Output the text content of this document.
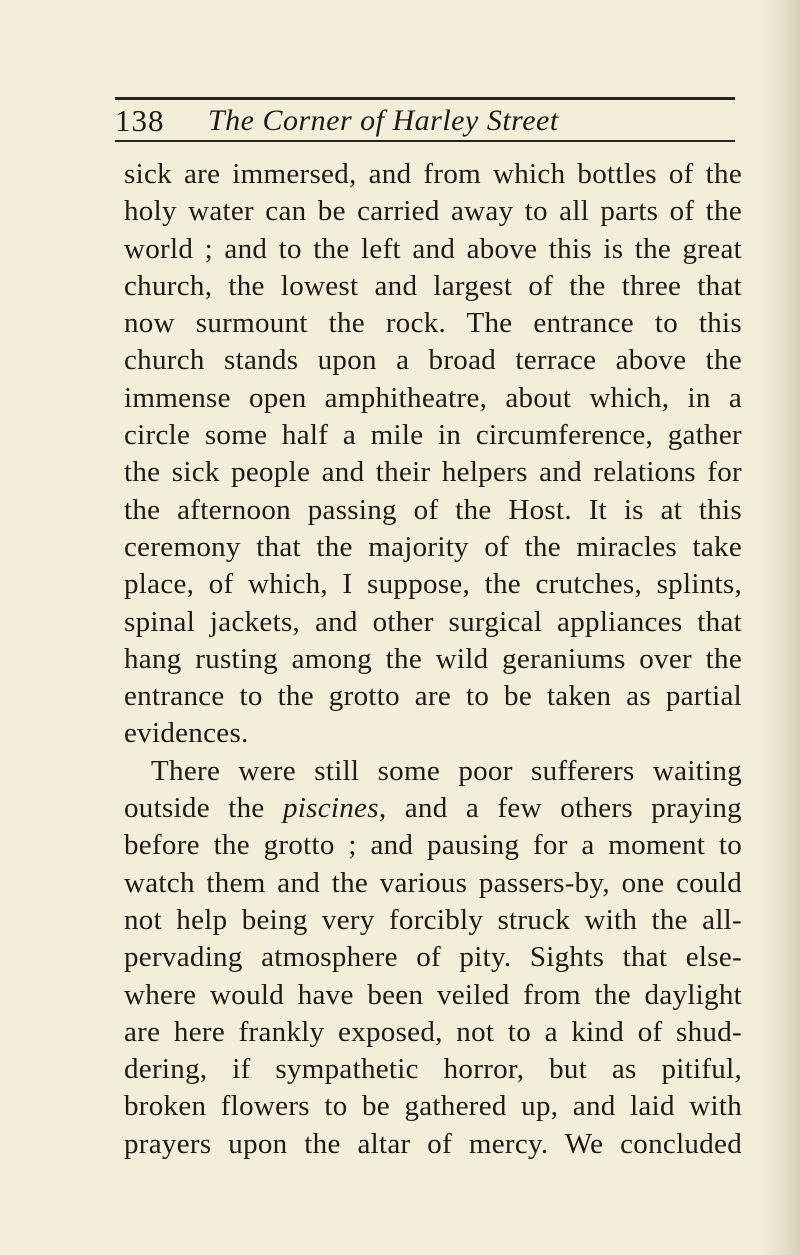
138 The Corner of Harley Street
sick are immersed, and from which bottles of the
holy water can be carried away to all parts of the
world ; and to the left and above this is the great
church, the lowest and largest of the three that
now surmount the rock. The entrance to this
church stands upon a broad terrace above the
immense open amphitheatre, about which, in a
circle some half a mile in circumference, gather
the sick people and their helpers and relations for
the afternoon passing of the Host. It is at this
ceremony that the majority of the miracles take
place, of which, I suppose, the crutches, splints,
spinal jackets, and other surgical appliances that
hang rusting among the wild geraniums over the
entrance to the grotto are to be taken as partial
evidences.
There were still some poor sufferers waiting
outside the piscines, and a few others praying
before the grotto ; and pausing for a moment to
watch them and the various passers-by, one could
not help being very forcibly struck with the all-
pervading atmosphere of pity. Sights that else-
where would have been veiled from the daylight
are here frankly exposed, not to a kind of shud-
dering, if sympathetic horror, but as pitiful,
broken flowers to be gathered up, and laid with
prayers upon the altar of mercy. We concluded
